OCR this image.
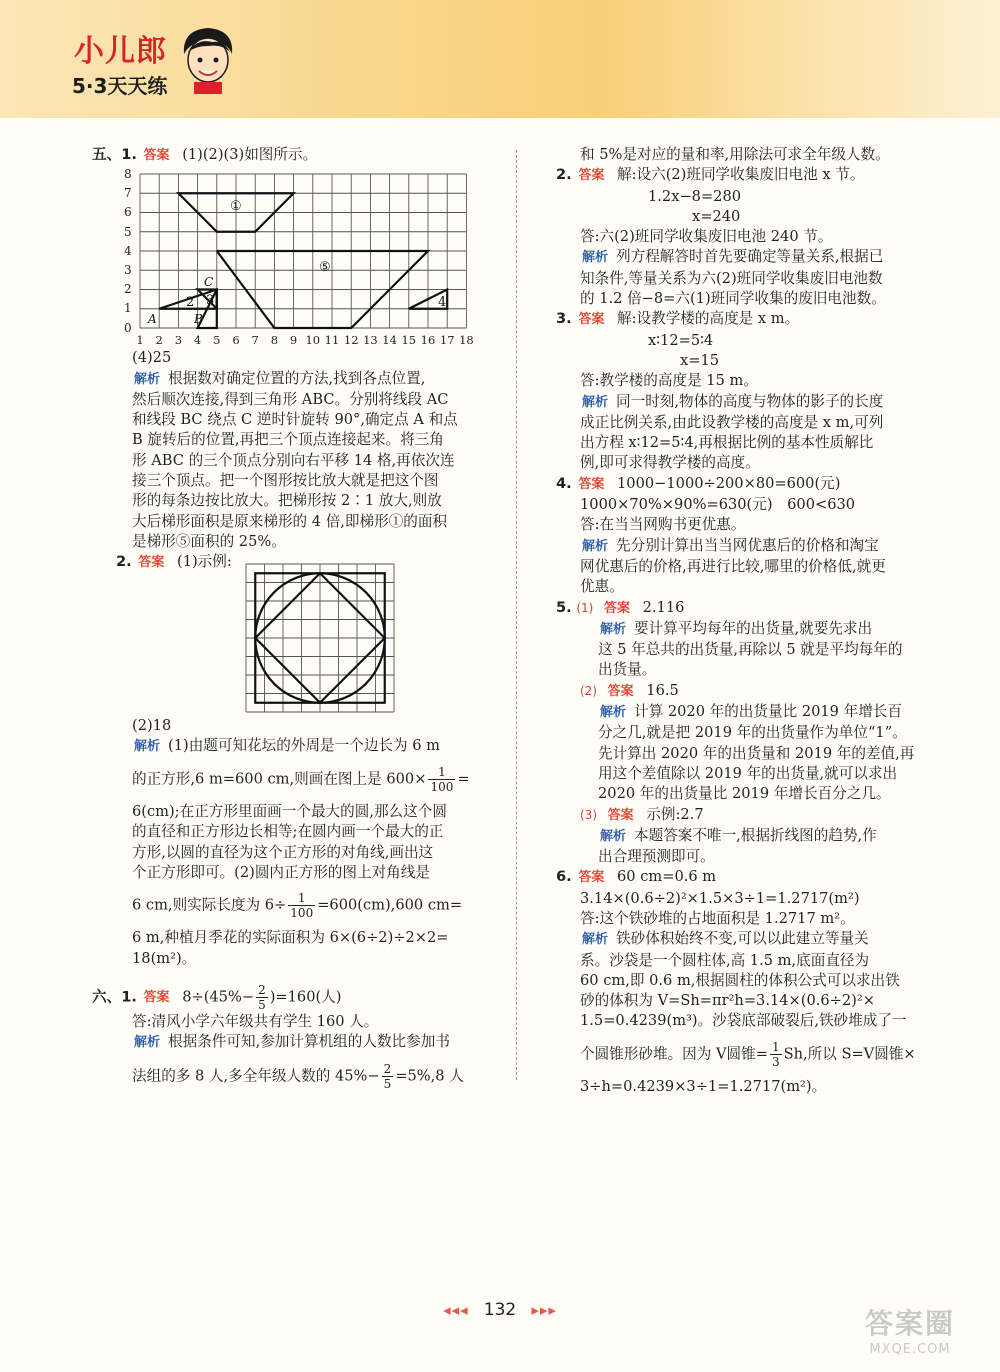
小儿郎
5·3天天练
五、1. 答案 (1)(2)(3)如图所示。
0
1
2
3
4
5
6
7
8
1 2 3 4 5 6 7 8 9 10 11 12 13 14 15 16 17 18
A	B
C
①
2 3	4
⑤
(4)25
解析 根据数对确定位置的方法,找到各点位置,
然后顺次连接,得到三角形 ABC。分别将线段 AC
和线段 BC 绕点 C 逆时针旋转 90°,确定点 A 和点
B 旋转后的位置,再把三个顶点连接起来。将三角
形 ABC 的三个顶点分别向右平移 14 格,再依次连
接三个顶点。把一个图形按比放大就是把这个图
形的每条边按比放大。把梯形按 2∶1 放大,则放
大后梯形面积是原来梯形的 4 倍,即梯形①的面积
是梯形⑤面积的 25%。
2. 答案 (1)示例:
(2)18
解析 (1)由题可知花坛的外周是一个边长为 6 m
的正方形,6 m=600 cm,则画在图上是 $600\times \frac{1}{100}$ =
6(cm);在正方形里面画一个最大的圆,那么这个圆
的直径和正方形边长相等;在圆内画一个最大的正
方形,以圆的直径为这个正方形的对角线,画出这
个正方形即可。(2)圆内正方形的图上对角线是
6 cm,则实际长度为 $6\div \frac{1}{100} =600(cm),600$ cm=
6 m,种植月季花的实际面积为 6×(6÷2)÷2×2=
18(m²)。
六、1. 答案 $8\div(45\%- \frac{2}{5} )=160$(人)
答:清风小学六年级共有学生 160 人。
解析 根据条件可知,参加计算机组的人数比参加书
法组的多 8 人,多全年级人数的 $45\%- \frac{2}{5} =5\%,8$ 人
和 5%是对应的量和率,用除法可求全年级人数。
2. 答案 解:设六(2)班同学收集废旧电池 x 节。
1.2x−8=280
x=240
答:六(2)班同学收集废旧电池 240 节。
解析 列方程解答时首先要确定等量关系,根据已
知条件,等量关系为六(2)班同学收集废旧电池数
的 1.2 倍−8=六(1)班同学收集的废旧电池数。
3. 答案 解:设教学楼的高度是 x m。
x∶12=5∶4
x=15
答:教学楼的高度是 15 m。
解析 同一时刻,物体的高度与物体的影子的长度
成正比例关系,由此设教学楼的高度是 x m,可列
出方程 x∶12=5∶4,再根据比例的基本性质解比
例,即可求得教学楼的高度。
4. 答案 1000−1000÷200×80=600(元)
1000×70%×90%=630(元)　600<630
答:在当当网购书更优惠。
解析 先分别计算出当当网优惠后的价格和淘宝
网优惠后的价格,再进行比较,哪里的价格低,就更
优惠。
5. (1) 答案 2.116
解析 要计算平均每年的出货量,就要先求出
这 5 年总共的出货量,再除以 5 就是平均每年的
出货量。
(2) 答案 16.5
解析 计算 2020 年的出货量比 2019 年增长百
分之几,就是把 2019 年的出货量作为单位“1”。
先计算出 2020 年的出货量和 2019 年的差值,再
用这个差值除以 2019 年的出货量,就可以求出
2020 年的出货量比 2019 年增长百分之几。
(3) 答案 示例:2.7
解析 本题答案不唯一,根据折线图的趋势,作
出合理预测即可。
6. 答案 60 cm=0.6 m
3.14×(0.6÷2)²×1.5×3÷1=1.2717(m²)
答:这个铁砂堆的占地面积是 1.2717 m²。
解析 铁砂体积始终不变,可以以此建立等量关
系。沙袋是一个圆柱体,高 1.5 m,底面直径为
60 cm,即 0.6 m,根据圆柱的体积公式可以求出铁
砂的体积为 V=Sh=πr²h=3.14×(0.6÷2)²×
1.5=0.4239(m³)。沙袋底部破裂后,铁砂堆成了一
个圆锥形砂堆。因为 V圆锥= $\frac{1}{3} Sh$,所以 S=V圆锥×
3÷h=0.4239×3÷1=1.2717(m²)。
◂◂◂ 132 ▸▸▸	答案圈
MXQE.COM
